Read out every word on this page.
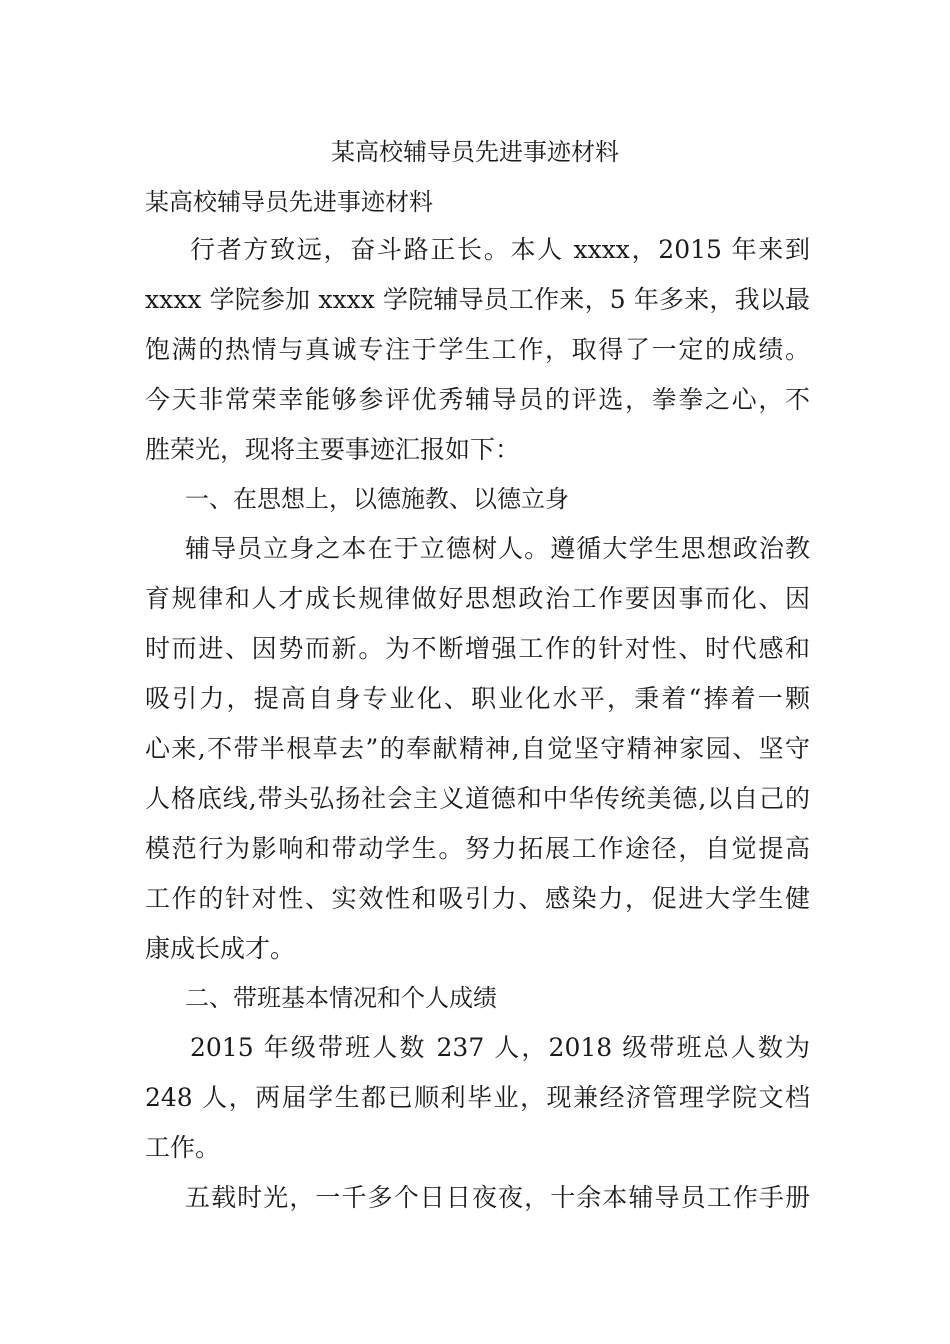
某高校辅导员先进事迹材料
某高校辅导员先进事迹材料
行者方致远，奋斗路正长。本人 xxxx，2015 年来到
xxxx 学院参加 xxxx 学院辅导员工作来，5 年多来，我以最
饱满的热情与真诚专注于学生工作，取得了一定的成绩。
今天非常荣幸能够参评优秀辅导员的评选，拳拳之心，不
胜荣光，现将主要事迹汇报如下：
一、在思想上，以德施教、以德立身
辅导员立身之本在于立德树人。遵循大学生思想政治教
育规律和人才成长规律做好思想政治工作要因事而化、因
时而进、因势而新。为不断增强工作的针对性、时代感和
吸引力，提高自身专业化、职业化水平，秉着“捧着一颗
心来,不带半根草去”的奉献精神,自觉坚守精神家园、坚守
人格底线,带头弘扬社会主义道德和中华传统美德,以自己的
模范行为影响和带动学生。努力拓展工作途径，自觉提高
工作的针对性、实效性和吸引力、感染力，促进大学生健
康成长成才。
二、带班基本情况和个人成绩
2015 年级带班人数 237 人，2018 级带班总人数为
248 人，两届学生都已顺利毕业，现兼经济管理学院文档
工作。
五载时光，一千多个日日夜夜，十余本辅导员工作手册
